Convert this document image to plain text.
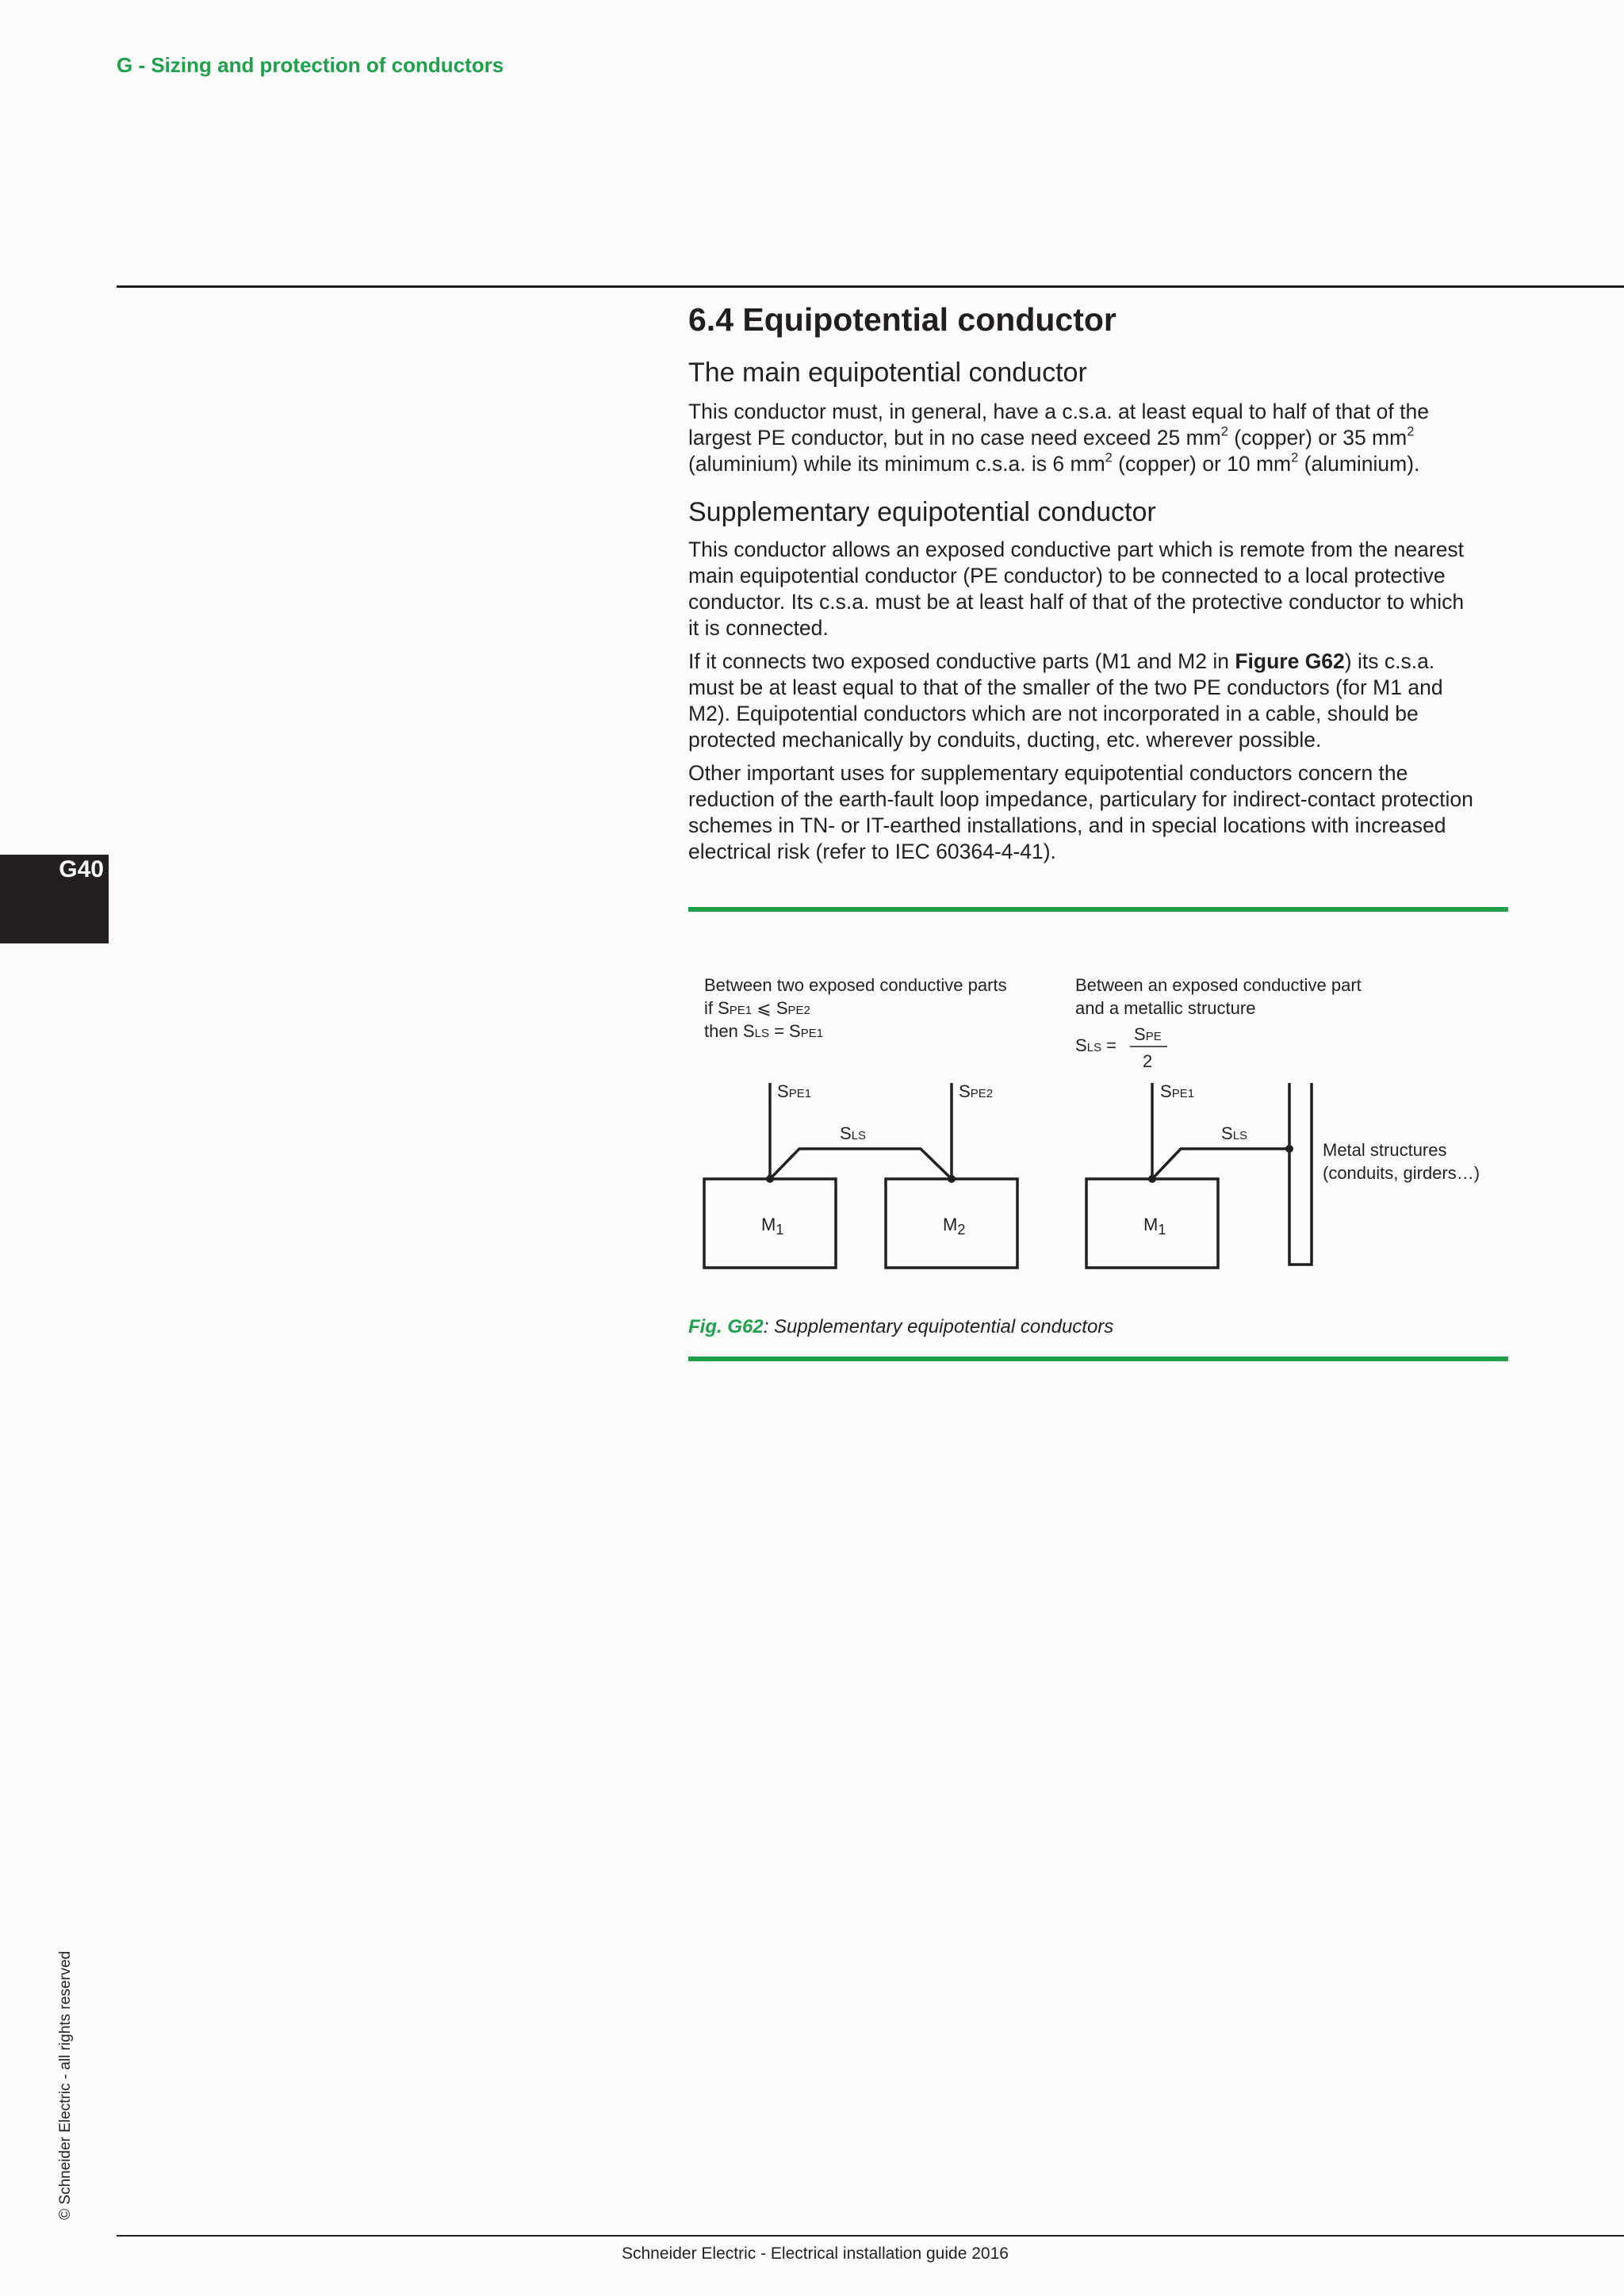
G - Sizing and protection of conductors
G40
6.4 Equipotential conductor
The main equipotential conductor

This conductor must, in general, have a c.s.a. at least equal to half of that of the
largest PE conductor, but in no case need exceed 25 $mm^2$ (copper) or 35 $mm^2$
(aluminium) while its minimum c.s.a. is 6 $mm^2$ (copper) or 10 $mm^2$ (aluminium).

Supplementary equipotential conductor

This conductor allows an exposed conductive part which is remote from the nearest
main equipotential conductor (PE conductor) to be connected to a local protective
conductor. Its c.s.a. must be at least half of that of the protective conductor to which
it is connected.

If it connects two exposed conductive parts (M1 and M2 in Figure G62) its c.s.a.
must be at least equal to that of the smaller of the two PE conductors (for M1 and
M2). Equipotential conductors which are not incorporated in a cable, should be
protected mechanically by conduits, ducting, etc. wherever possible.

Other important uses for supplementary equipotential conductors concern the
reduction of the earth-fault loop impedance, particulary for indirect-contact protection
schemes in TN- or IT-earthed installations, and in special locations with increased
electrical risk (refer to IEC 60364-4-41).

Between two exposed conductive parts
if SPE1 ⩽ SPE2
then SLS = SPE1
Between an exposed conductive part
and a metallic structure
SLS =
SPE
2
SPE1	SPE2
SLS
$M_1$	$M_2$
SPE1
SLS
$M_1$
Metal structures
(conduits, girders…)
Fig. G62: Supplementary equipotential conductors
© Schneider Electric - all rights reserved
Schneider Electric - Electrical installation guide 2016
